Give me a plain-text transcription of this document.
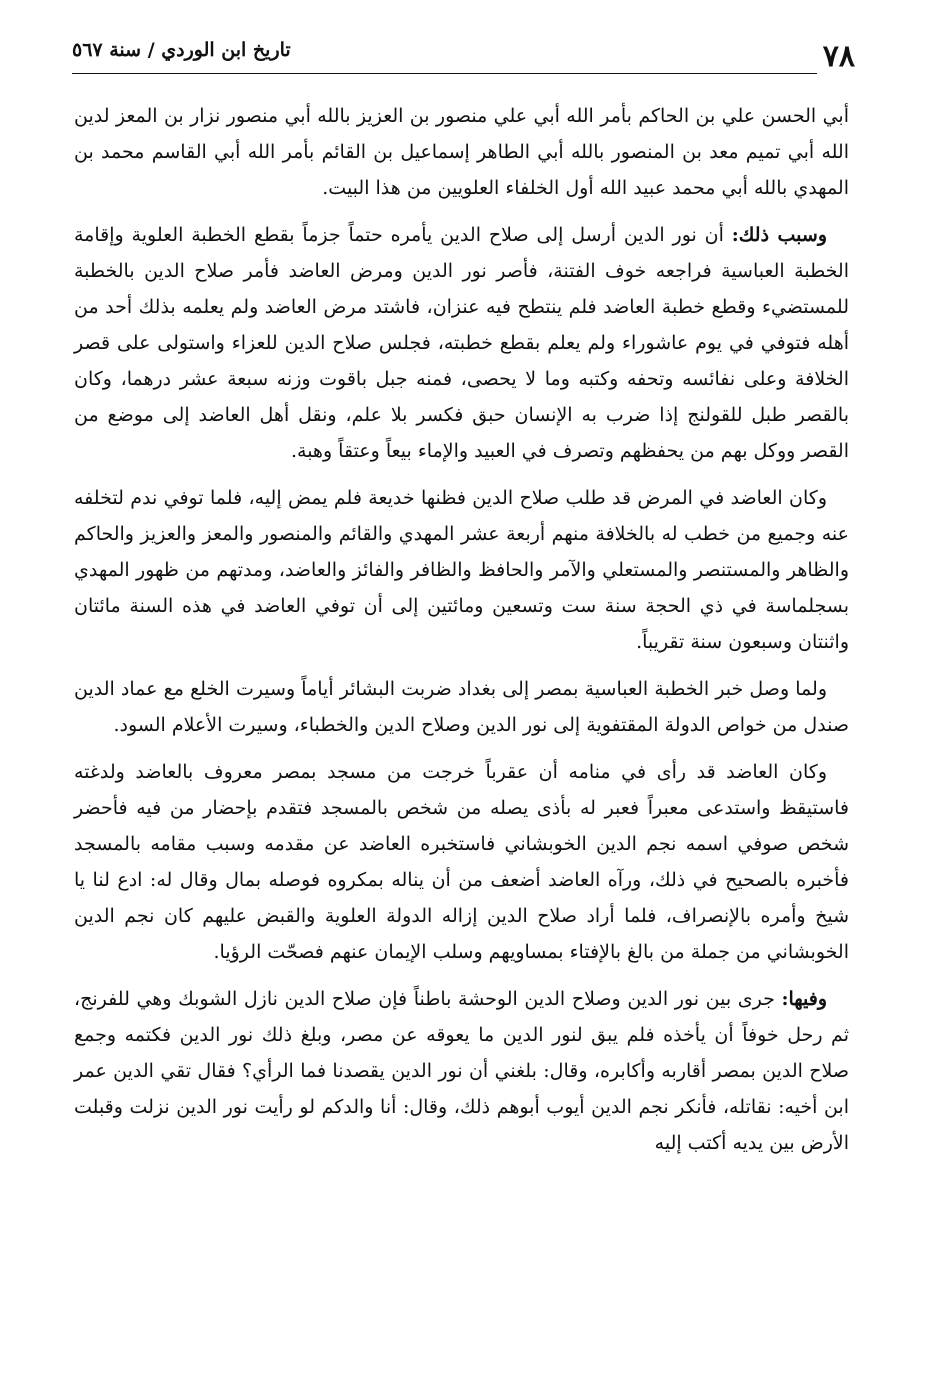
تاريخ ابن الوردي / سنة ٥٦٧	٧٨

أبي الحسن علي بن الحاكم بأمر الله أبي علي منصور بن العزيز بالله أبي منصور نزار بن المعز لدين الله أبي تميم معد بن المنصور بالله أبي الطاهر إسماعيل بن القائم بأمر الله أبي القاسم محمد بن المهدي بالله أبي محمد عبيد الله أول الخلفاء العلويين من هذا البيت.

وسبب ذلك: أن نور الدين أرسل إلى صلاح الدين يأمره حتماً جزماً بقطع الخطبة العلوية وإقامة الخطبة العباسية فراجعه خوف الفتنة، فأصر نور الدين ومرض العاضد فأمر صلاح الدين بالخطبة للمستضيء وقطع خطبة العاضد فلم ينتطح فيه عنزان، فاشتد مرض العاضد ولم يعلمه بذلك أحد من أهله فتوفي في يوم عاشوراء ولم يعلم بقطع خطبته، فجلس صلاح الدين للعزاء واستولى على قصر الخلافة وعلى نفائسه وتحفه وكتبه وما لا يحصى، فمنه جبل باقوت وزنه سبعة عشر درهما، وكان بالقصر طبل للقولنج إذا ضرب به الإنسان حبق فكسر بلا علم، ونقل أهل العاضد إلى موضع من القصر ووكل بهم من يحفظهم وتصرف في العبيد والإماء بيعاً وعتقاً وهبة.

وكان العاضد في المرض قد طلب صلاح الدين فظنها خديعة فلم يمض إليه، فلما توفي ندم لتخلفه عنه وجميع من خطب له بالخلافة منهم أربعة عشر المهدي والقائم والمنصور والمعز والعزيز والحاكم والظاهر والمستنصر والمستعلي والآمر والحافظ والظافر والفائز والعاضد، ومدتهم من ظهور المهدي بسجلماسة في ذي الحجة سنة ست وتسعين ومائتين إلى أن توفي العاضد في هذه السنة مائتان واثنتان وسبعون سنة تقريباً.

ولما وصل خبر الخطبة العباسية بمصر إلى بغداد ضربت البشائر أياماً وسيرت الخلع مع عماد الدين صندل من خواص الدولة المقتفوية إلى نور الدين وصلاح الدين والخطباء، وسيرت الأعلام السود.

وكان العاضد قد رأى في منامه أن عقرباً خرجت من مسجد بمصر معروف بالعاضد ولدغته فاستيقظ واستدعى معبراً فعبر له بأذى يصله من شخص بالمسجد فتقدم بإحضار من فيه فأحضر شخص صوفي اسمه نجم الدين الخوبشاني فاستخبره العاضد عن مقدمه وسبب مقامه بالمسجد فأخبره بالصحيح في ذلك، ورآه العاضد أضعف من أن يناله بمكروه فوصله بمال وقال له: ادع لنا يا شيخ وأمره بالإنصراف، فلما أراد صلاح الدين إزاله الدولة العلوية والقبض عليهم كان نجم الدين الخوبشاني من جملة من بالغ بالإفتاء بمساويهم وسلب الإيمان عنهم فصحّت الرؤيا.

وفيها: جرى بين نور الدين وصلاح الدين الوحشة باطناً فإن صلاح الدين نازل الشوبك وهي للفرنج، ثم رحل خوفاً أن يأخذه فلم يبق لنور الدين ما يعوقه عن مصر، وبلغ ذلك نور الدين فكتمه وجمع صلاح الدين بمصر أقاربه وأكابره، وقال: بلغني أن نور الدين يقصدنا فما الرأي؟ فقال تقي الدين عمر ابن أخيه: نقاتله، فأنكر نجم الدين أيوب أبوهم ذلك، وقال: أنا والدكم لو رأيت نور الدين نزلت وقبلت الأرض بين يديه أكتب إليه
